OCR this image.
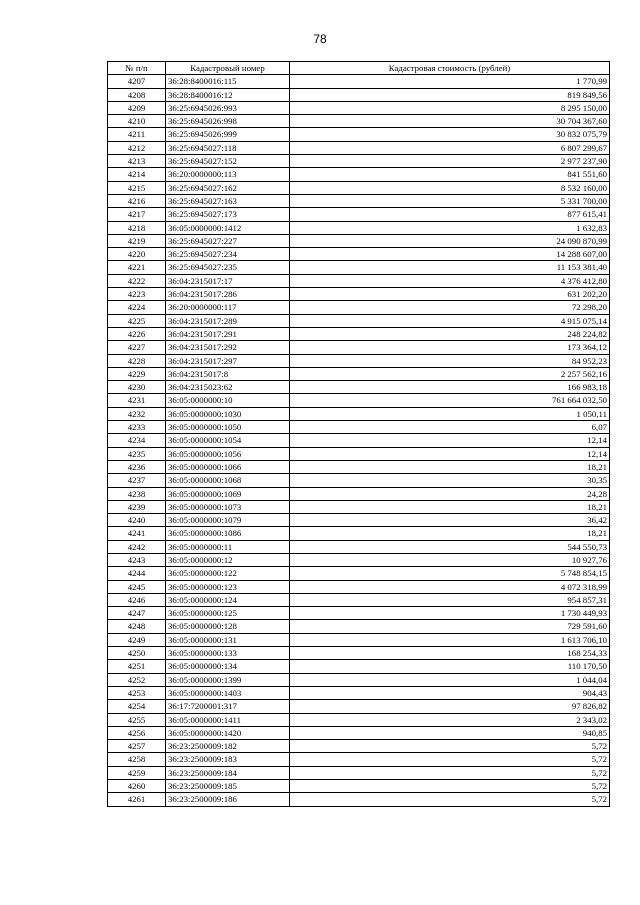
78
№ п/п	Кадастровый номер	Кадастровая стоимость (рублей)
4207	36:28:8400016:115	1 770,99
4208	36:28:8400016:12	819 849,56
4209	36:25:6945026:993	8 295 150,00
4210	36:25:6945026:998	30 704 367,60
4211	36:25:6945026:999	30 832 075,79
4212	36:25:6945027:118	6 807 299,67
4213	36:25:6945027:152	2 977 237,90
4214	36:20:0000000:113	841 551,60
4215	36:25:6945027:162	8 532 160,00
4216	36:25:6945027:163	5 331 700,00
4217	36:25:6945027:173	877 615,41
4218	36:05:0000000:1412	1 632,83
4219	36:25:6945027:227	24 090 870,99
4220	36:25:6945027:234	14 288 607,00
4221	36:25:6945027:235	11 153 381,40
4222	36:04:2315017:17	4 376 412,80
4223	36:04:2315017:286	631 202,20
4224	36:20:0000000:117	72 298,20
4225	36:04:2315017:289	4 915 075,14
4226	36:04:2315017:291	248 224,82
4227	36:04:2315017:292	173 364,12
4228	36:04:2315017:297	84 952,23
4229	36:04:2315017:8	2 257 562,16
4230	36:04:2315023:62	166 983,18
4231	36:05:0000000:10	761 664 032,50
4232	36:05:0000000:1030	1 050,11
4233	36:05:0000000:1050	6,07
4234	36:05:0000000:1054	12,14
4235	36:05:0000000:1056	12,14
4236	36:05:0000000:1066	18,21
4237	36:05:0000000:1068	30,35
4238	36:05:0000000:1069	24,28
4239	36:05:0000000:1073	18,21
4240	36:05:0000000:1079	36,42
4241	36:05:0000000:1086	18,21
4242	36:05:0000000:11	544 550,73
4243	36:05:0000000:12	10 927,76
4244	36:05:0000000:122	5 748 854,15
4245	36:05:0000000:123	4 072 318,99
4246	36:05:0000000:124	954 857,31
4247	36:05:0000000:125	1 730 449,93
4248	36:05:0000000:128	729 591,60
4249	36:05:0000000:131	1 613 706,10
4250	36:05:0000000:133	168 254,33
4251	36:05:0000000:134	110 170,50
4252	36:05:0000000:1399	1 044,04
4253	36:05:0000000:1403	904,43
4254	36:17:7200001:317	97 826,82
4255	36:05:0000000:1411	2 343,02
4256	36:05:0000000:1420	940,85
4257	36:23:2500009:182	5,72
4258	36:23:2500009:183	5,72
4259	36:23:2500009:184	5,72
4260	36:23:2500009:185	5,72
4261	36:23:2500009:186	5,72
